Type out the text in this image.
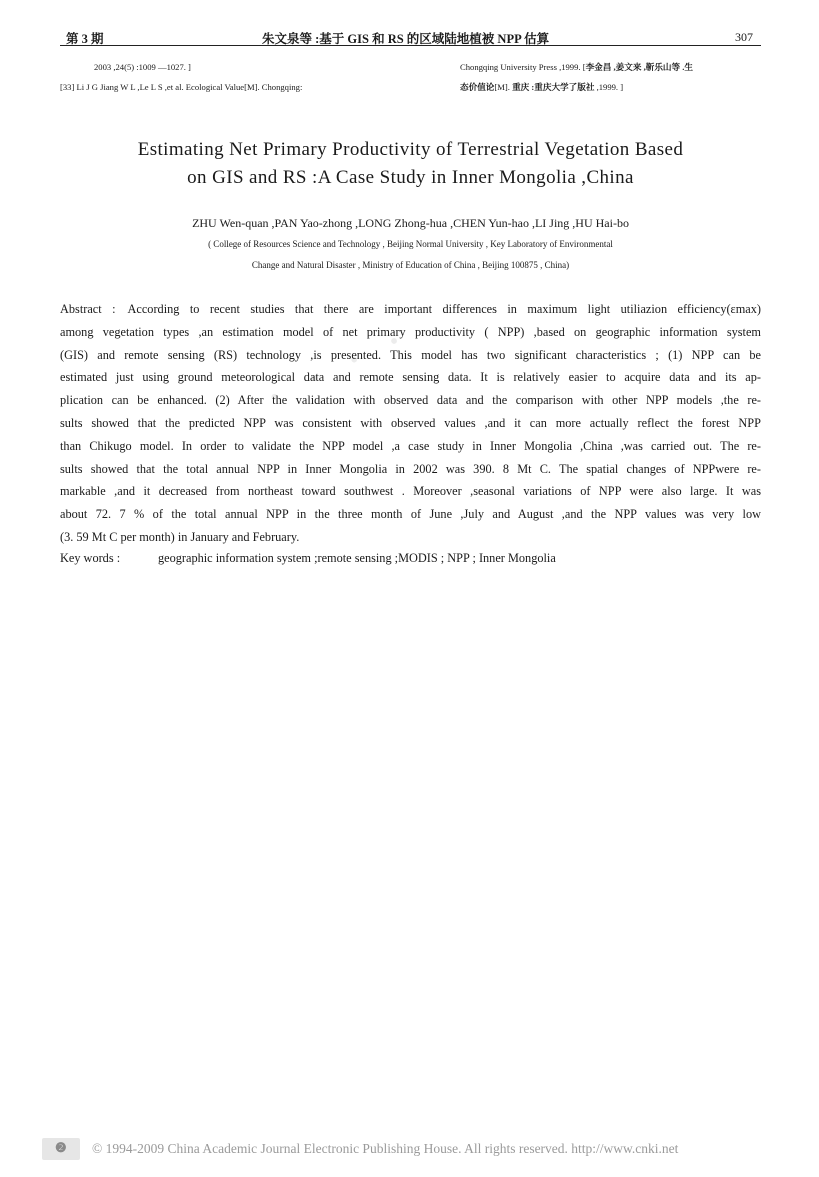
第 3 期	朱文泉等 :基于 GIS 和 RS 的区域陆地植被 NPP 估算	307
2003 ,24(5) :1009 —1027. ]
[33] Li J G Jiang W L ,Le L S ,et al. Ecological Value[M]. Chongqing:
Chongqing University Press ,1999. [李金昌 ,姜文来 ,靳乐山等 .生
态价值论[M]. 重庆 :重庆大学了版社 ,1999. ]
· · · ·
Estimating Net Primary Productivity of Terrestrial Vegetation Based
on GIS and RS :A Case Study in Inner Mongolia ,China
ZHU Wen-quan ,PAN Yao-zhong ,LONG Zhong-hua ,CHEN Yun-hao ,LI Jing ,HU Hai-bo
( College of Resources Science and Technology , Beijing Normal University , Key Laboratory of Environmental
Change and Natural Disaster , Ministry of Education of China , Beijing 100875 , China)

Abstract : According to recent studies that there are important differences in maximum light utiliazion efficiency(εmax)

among vegetation types ,an estimation model of net primary productivity ( NPP) ,based on geographic information system

(GIS) and remote sensing (RS) technology ,is presented. This model has two significant characteristics ; (1) NPP can be

estimated just using ground meteorological data and remote sensing data. It is relatively easier to acquire data and its ap-

plication can be enhanced. (2) After the validation with observed data and the comparison with other NPP models ,the re-

sults showed that the predicted NPP was consistent with observed values ,and it can more actually reflect the forest NPP

than Chikugo model. In order to validate the NPP model ,a case study in Inner Mongolia ,China ,was carried out. The re-

sults showed that the total annual NPP in Inner Mongolia in 2002 was 390. 8 Mt C. The spatial changes of NPPwere re-

markable ,and it decreased from northeast toward southwest . Moreover ,seasonal variations of NPP were also large. It was

about 72. 7 % of the total annual NPP in the three month of June ,July and August ,and the NPP values was very low

(3. 59 Mt C per month) in January and February.

Key words :	geographic information system ;remote sensing ;MODIS ; NPP ; Inner Mongolia
❷ © 1994-2009 China Academic Journal Electronic Publishing House. All rights reserved. http://www.cnki.net
